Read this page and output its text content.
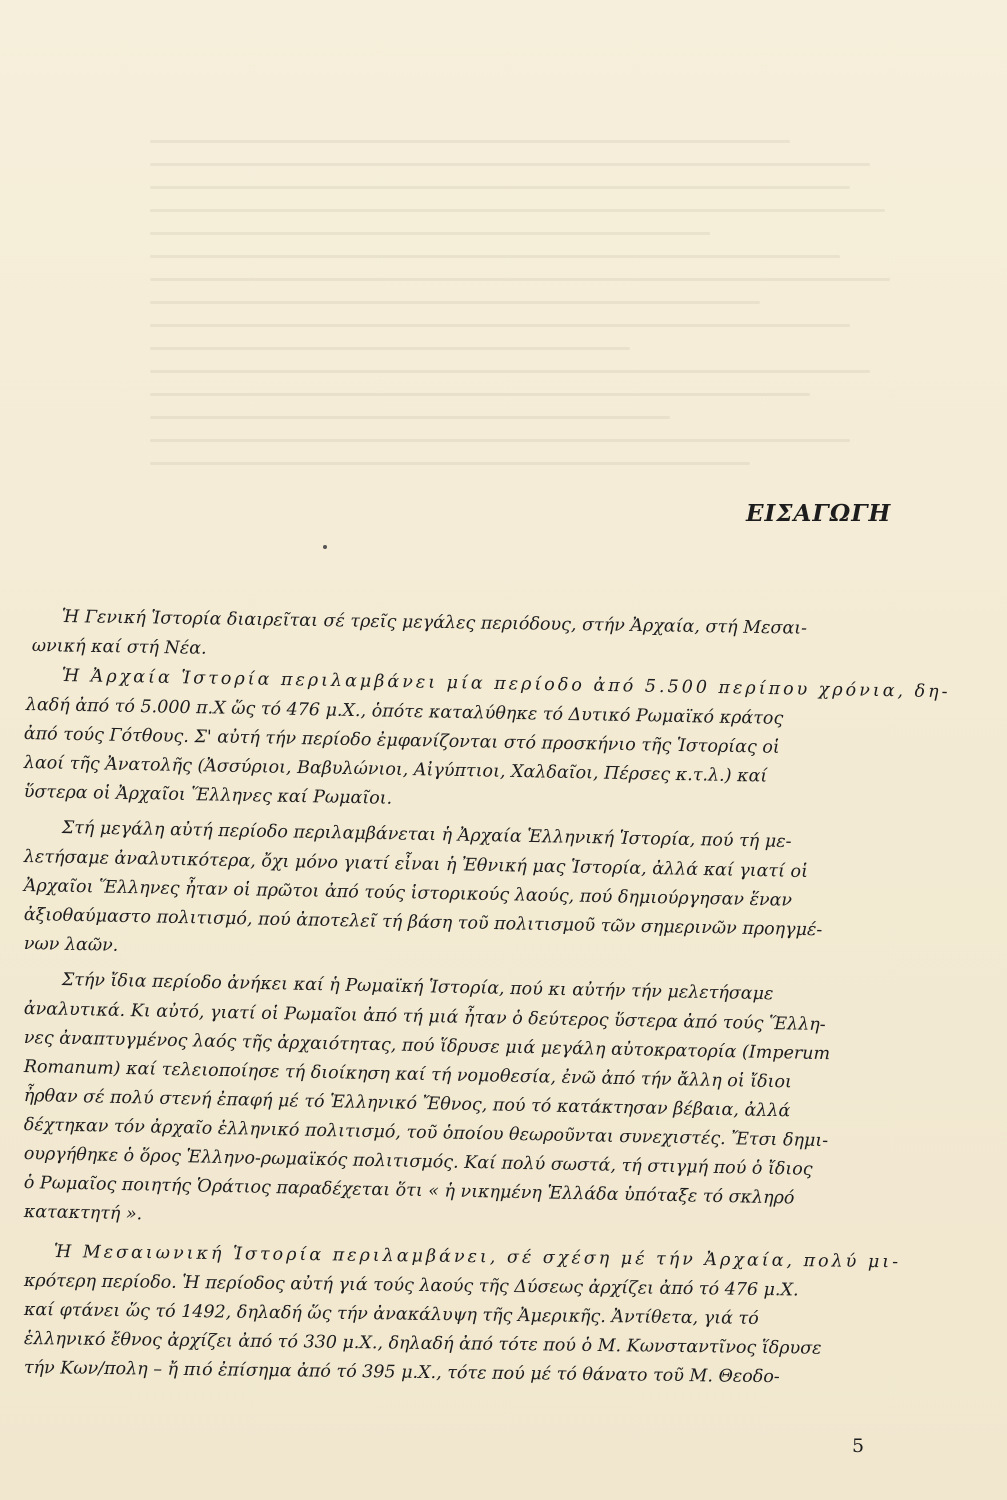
ΕΙΣΑΓΩΓΗ
Ἡ Γενική Ἱστορία διαιρεῖται σέ τρεῖς μεγάλες περιόδους, στήν Ἀρχαία, στή Μεσαι-
ωνική καί στή Νέα.
Ἡ Ἀρχαία Ἱστορία περιλαμβάνει μία περίοδο ἀπό 5.500 περίπου χρόνια, δη-
λαδή ἀπό τό 5.000 π.Χ ὥς τό 476 μ.Χ., ὁπότε καταλύθηκε τό Δυτικό Ρωμαϊκό κράτος
ἀπό τούς Γότθους. Σ' αὐτή τήν περίοδο ἐμφανίζονται στό προσκήνιο τῆς Ἱστορίας οἱ
λαοί τῆς Ἀνατολῆς (Ἀσσύριοι, Βαβυλώνιοι, Αἰγύπτιοι, Χαλδαῖοι, Πέρσες κ.τ.λ.) καί
ὕστερα οἱ Ἀρχαῖοι Ἕλληνες καί Ρωμαῖοι.
Στή μεγάλη αὐτή περίοδο περιλαμβάνεται ἡ Ἀρχαία Ἑλληνική Ἱστορία, πού τή με-
λετήσαμε ἀναλυτικότερα, ὄχι μόνο γιατί εἶναι ἡ Ἐθνική μας Ἱστορία, ἀλλά καί γιατί οἱ
Ἀρχαῖοι Ἕλληνες ἦταν οἱ πρῶτοι ἀπό τούς ἱστορικούς λαούς, πού δημιούργησαν ἕναν
ἀξιοθαύμαστο πολιτισμό, πού ἀποτελεῖ τή βάση τοῦ πολιτισμοῦ τῶν σημερινῶν προηγμέ-
νων λαῶν.
Στήν ἴδια περίοδο ἀνήκει καί ἡ Ρωμαϊκή Ἱστορία, πού κι αὐτήν τήν μελετήσαμε
ἀναλυτικά. Κι αὐτό, γιατί οἱ Ρωμαῖοι ἀπό τή μιά ἦταν ὁ δεύτερος ὕστερα ἀπό τούς Ἕλλη-
νες ἀναπτυγμένος λαός τῆς ἀρχαιότητας, πού ἵδρυσε μιά μεγάλη αὐτοκρατορία (Imperum
Romanum) καί τελειοποίησε τή διοίκηση καί τή νομοθεσία, ἐνῶ ἀπό τήν ἄλλη οἱ ἴδιοι
ἦρθαν σέ πολύ στενή ἐπαφή μέ τό Ἑλληνικό Ἔθνος, πού τό κατάκτησαν βέβαια, ἀλλά
δέχτηκαν τόν ἀρχαῖο ἑλληνικό πολιτισμό, τοῦ ὁποίου θεωροῦνται συνεχιστές. Ἔτσι δημι-
ουργήθηκε ὁ ὅρος Ἑλληνο-ρωμαϊκός πολιτισμός. Καί πολύ σωστά, τή στιγμή πού ὁ ἴδιος
ὁ Ρωμαῖος ποιητής Ὁράτιος παραδέχεται ὅτι « ἡ νικημένη Ἑλλάδα ὑπόταξε τό σκληρό
κατακτητή ».
Ἡ Μεσαιωνική Ἱστορία περιλαμβάνει, σέ σχέση μέ τήν Ἀρχαία, πολύ μι-
κρότερη περίοδο. Ἡ περίοδος αὐτή γιά τούς λαούς τῆς Δύσεως ἀρχίζει ἀπό τό 476 μ.Χ.
καί φτάνει ὥς τό 1492, δηλαδή ὥς τήν ἀνακάλυψη τῆς Ἀμερικῆς. Ἀντίθετα, γιά τό
ἑλληνικό ἔθνος ἀρχίζει ἀπό τό 330 μ.Χ., δηλαδή ἀπό τότε πού ὁ Μ. Κωνσταντῖνος ἵδρυσε
τήν Κων/πολη – ἤ πιό ἐπίσημα ἀπό τό 395 μ.Χ., τότε πού μέ τό θάνατο τοῦ Μ. Θεοδο-

5
